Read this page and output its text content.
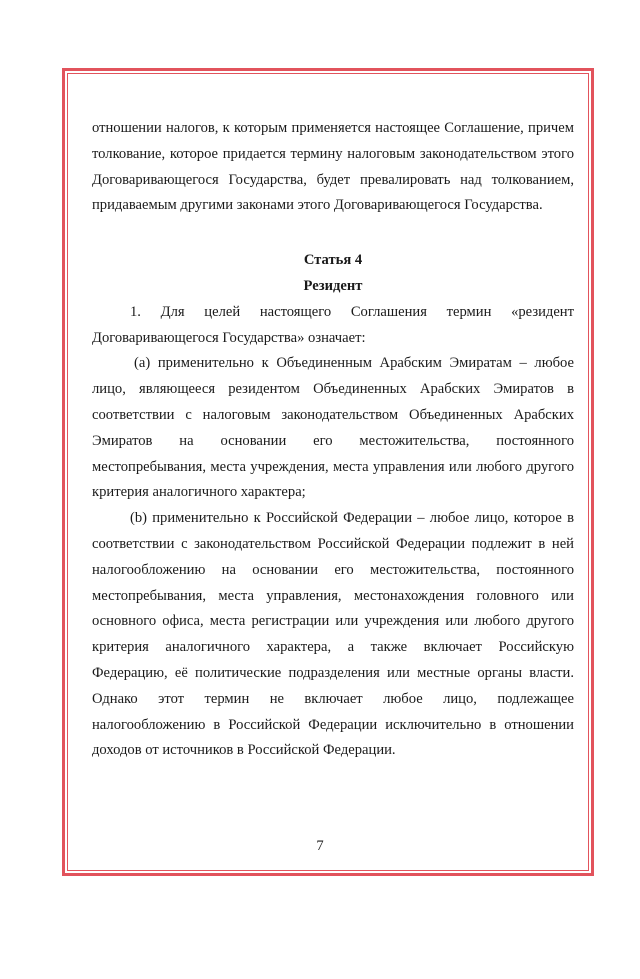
отношении налогов, к которым применяется настоящее Соглашение, причем

толкование, которое придается термину налоговым законодательством этого

Договаривающегося Государства, будет превалировать над толкованием,

придаваемым другими законами этого Договаривающегося Государства.

Статья 4

Резидент

1. Для целей настоящего Соглашения термин «резидент

Договаривающегося Государства» означает:

(a) применительно к Объединенным Арабским Эмиратам – любое

лицо, являющееся резидентом Объединенных Арабских Эмиратов в

соответствии с налоговым законодательством Объединенных Арабских

Эмиратов на основании его местожительства, постоянного

местопребывания, места учреждения, места управления или любого другого

критерия аналогичного характера;

(b) применительно к Российской Федерации – любое лицо, которое в

соответствии с законодательством Российской Федерации подлежит в ней

налогообложению на основании его местожительства, постоянного

местопребывания, места управления, местонахождения головного или

основного офиса, места регистрации или учреждения или любого другого

критерия аналогичного характера, а также включает Российскую

Федерацию, её политические подразделения или местные органы власти.

Однако этот термин не включает любое лицо, подлежащее

налогообложению в Российской Федерации исключительно в отношении

доходов от источников в Российской Федерации.

7
